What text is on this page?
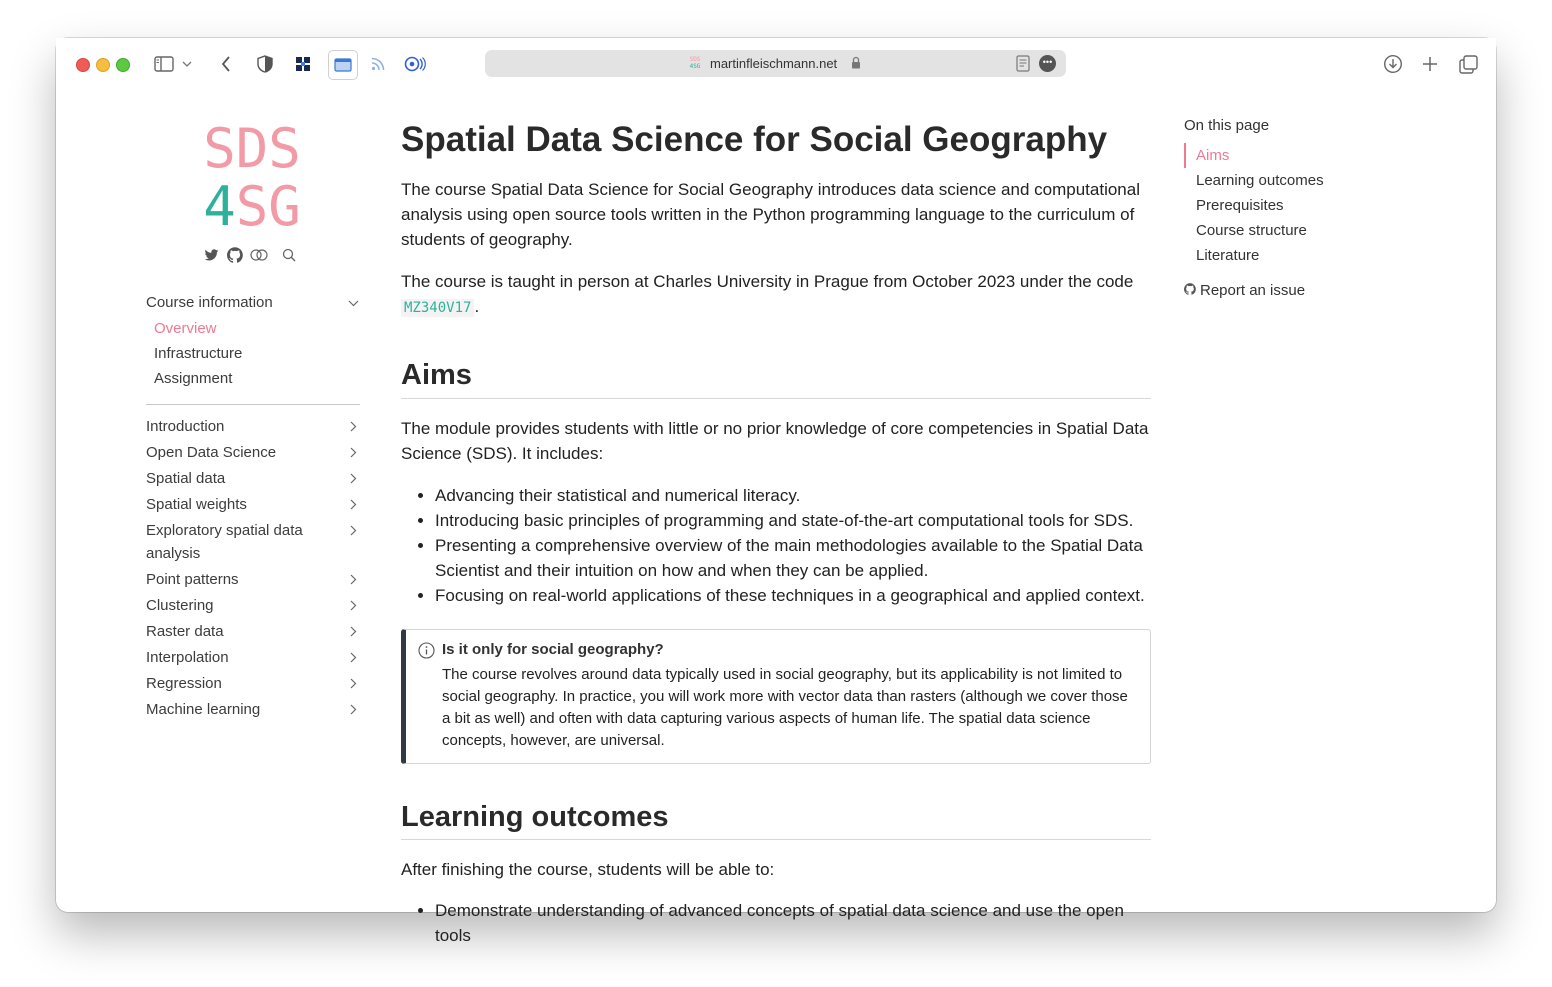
SDS
4SG martinfleischmann.net	•••
SDS
4SG
Course information
Overview
Infrastructure
Assignment
Introduction
Open Data Science
Spatial data
Spatial weights
Exploratory spatial data analysis
Point patterns
Clustering
Raster data
Interpolation
Regression
Machine learning
Spatial Data Science for Social Geography

The course Spatial Data Science for Social Geography introduces data science and computational analysis using open source tools written in the Python programming language to the curriculum of students of geography.

The course is taught in person at Charles University in Prague from October 2023 under the code MZ340V17 .

Aims

The module provides students with little or no prior knowledge of core competencies in Spatial Data Science (SDS). It includes:

• Advancing their statistical and numerical literacy.
• Introducing basic principles of programming and state-of-the-art computational tools for SDS.
• Presenting a comprehensive overview of the main methodologies available to the Spatial Data Scientist and their intuition on how and when they can be applied.
• Focusing on real-world applications of these techniques in a geographical and applied context.
Is it only for social geography?
The course revolves around data typically used in social geography, but its applicability is not limited to social geography. In practice, you will work more with vector data than rasters (although we cover those a bit as well) and often with data capturing various aspects of human life. The spatial data science concepts, however, are universal.
Learning outcomes

After finishing the course, students will be able to:

• Demonstrate understanding of advanced concepts of spatial data science and use the open tools
On this page
Aims
Learning outcomes
Prerequisites
Course structure
Literature
Report an issue
